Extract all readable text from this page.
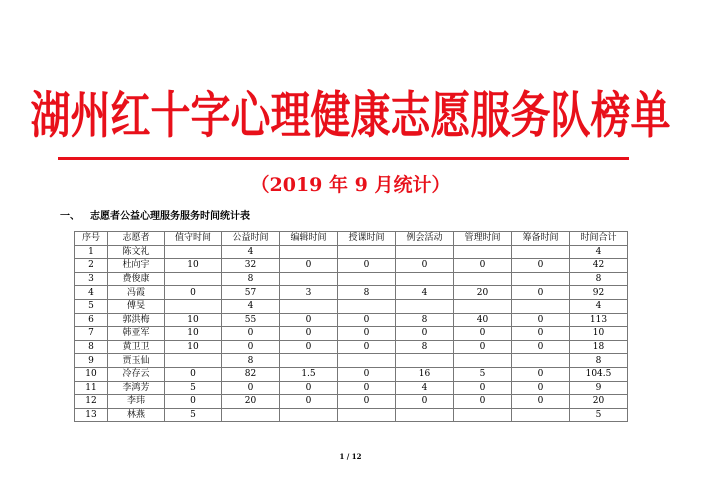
湖州红十字心理健康志愿服务队榜单
（2019 年 9 月统计）
一、 志愿者公益心理服务服务时间统计表
序号	志愿者	值守时间	公益时间	编辑时间	授课时间	例会活动	管理时间	筹备时间	时间合计
1	陈文礼		4						4
2	杜向宇	10	32	0	0	0	0	0	42
3	费俊康		8						8
4	冯霞	0	57	3	8	4	20	0	92
5	傅旻		4						4
6	郭洪梅	10	55	0	0	8	40	0	113
7	韩亚军	10	0	0	0	0	0	0	10
8	黄卫卫	10	0	0	0	8	0	0	18
9	贾玉仙		8						8
10	冷存云	0	82	1.5	0	16	5	0	104.5
11	李鸿芳	5	0	0	0	4	0	0	9
12	李玮	0	20	0	0	0	0	0	20
13	林燕	5							5
1 / 12
